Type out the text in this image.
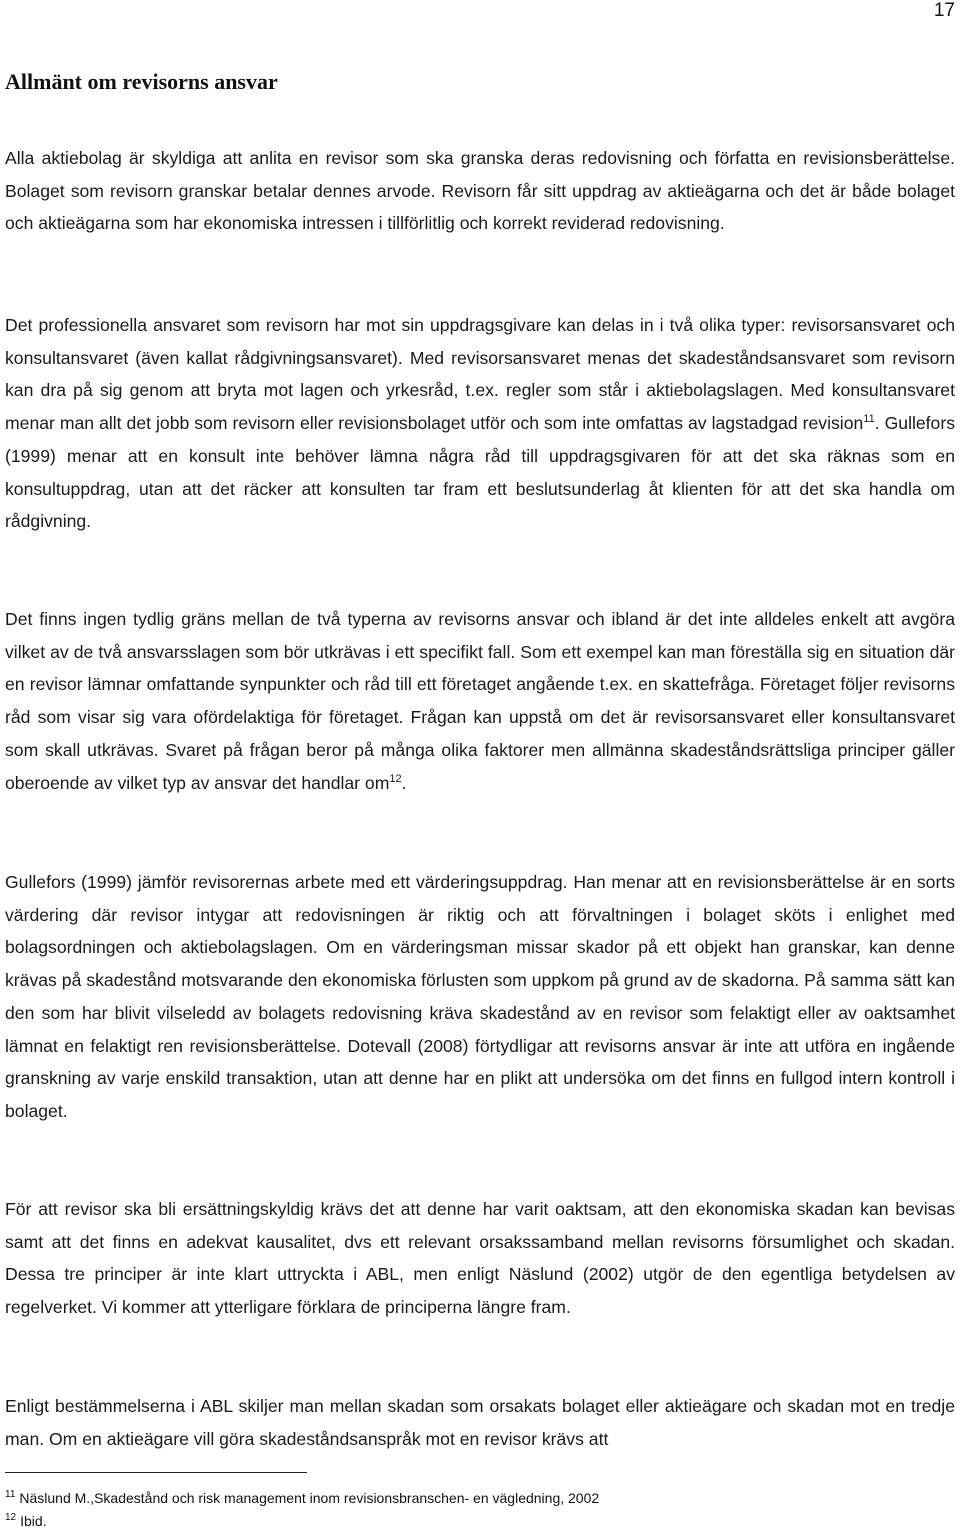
17
Allmänt om revisorns ansvar

Alla aktiebolag är skyldiga att anlita en revisor som ska granska deras redovisning och författa en revisionsberättelse. Bolaget som revisorn granskar betalar dennes arvode. Revisorn får sitt uppdrag av aktieägarna och det är både bolaget och aktieägarna som har ekonomiska intressen i tillförlitlig och korrekt reviderad redovisning.

Det professionella ansvaret som revisorn har mot sin uppdragsgivare kan delas in i två olika typer: revisorsansvaret och konsultansvaret (även kallat rådgivningsansvaret). Med revisorsansvaret menas det skadeståndsansvaret som revisorn kan dra på sig genom att bryta mot lagen och yrkesråd, t.ex. regler som står i aktiebolagslagen. Med konsultansvaret menar man allt det jobb som revisorn eller revisionsbolaget utför och som inte omfattas av lagstadgad revision$^{11}$. Gullefors (1999) menar att en konsult inte behöver lämna några råd till uppdragsgivaren för att det ska räknas som en konsultuppdrag, utan att det räcker att konsulten tar fram ett beslutsunderlag åt klienten för att det ska handla om rådgivning.

Det finns ingen tydlig gräns mellan de två typerna av revisorns ansvar och ibland är det inte alldeles enkelt att avgöra vilket av de två ansvarsslagen som bör utkrävas i ett specifikt fall. Som ett exempel kan man föreställa sig en situation där en revisor lämnar omfattande synpunkter och råd till ett företaget angående t.ex. en skattefråga. Företaget följer revisorns råd som visar sig vara ofördelaktiga för företaget. Frågan kan uppstå om det är revisorsansvaret eller konsultansvaret som skall utkrävas. Svaret på frågan beror på många olika faktorer men allmänna skadeståndsrättsliga principer gäller oberoende av vilket typ av ansvar det handlar $om^{12}$.

Gullefors (1999) jämför revisorernas arbete med ett värderingsuppdrag. Han menar att en revisionsberättelse är en sorts värdering där revisor intygar att redovisningen är riktig och att förvaltningen i bolaget sköts i enlighet med bolagsordningen och aktiebolagslagen. Om en värderingsman missar skador på ett objekt han granskar, kan denne krävas på skadestånd motsvarande den ekonomiska förlusten som uppkom på grund av de skadorna. På samma sätt kan den som har blivit vilseledd av bolagets redovisning kräva skadestånd av en revisor som felaktigt eller av oaktsamhet lämnat en felaktigt ren revisionsberättelse. Dotevall (2008) förtydligar att revisorns ansvar är inte att utföra en ingående granskning av varje enskild transaktion, utan att denne har en plikt att undersöka om det finns en fullgod intern kontroll i bolaget.

För att revisor ska bli ersättningskyldig krävs det att denne har varit oaktsam, att den ekonomiska skadan kan bevisas samt att det finns en adekvat kausalitet, dvs ett relevant orsakssamband mellan revisorns försumlighet och skadan. Dessa tre principer är inte klart uttryckta i ABL, men enligt Näslund (2002) utgör de den egentliga betydelsen av regelverket. Vi kommer att ytterligare förklara de principerna längre fram.

Enligt bestämmelserna i ABL skiljer man mellan skadan som orsakats bolaget eller aktieägare och skadan mot en tredje man. Om en aktieägare vill göra skadeståndsanspråk mot en revisor krävs att

$^{11}$ Näslund M.,Skadestånd och risk management inom revisionsbranschen- en vägledning, 2002
$^{12}$ Ibid.
